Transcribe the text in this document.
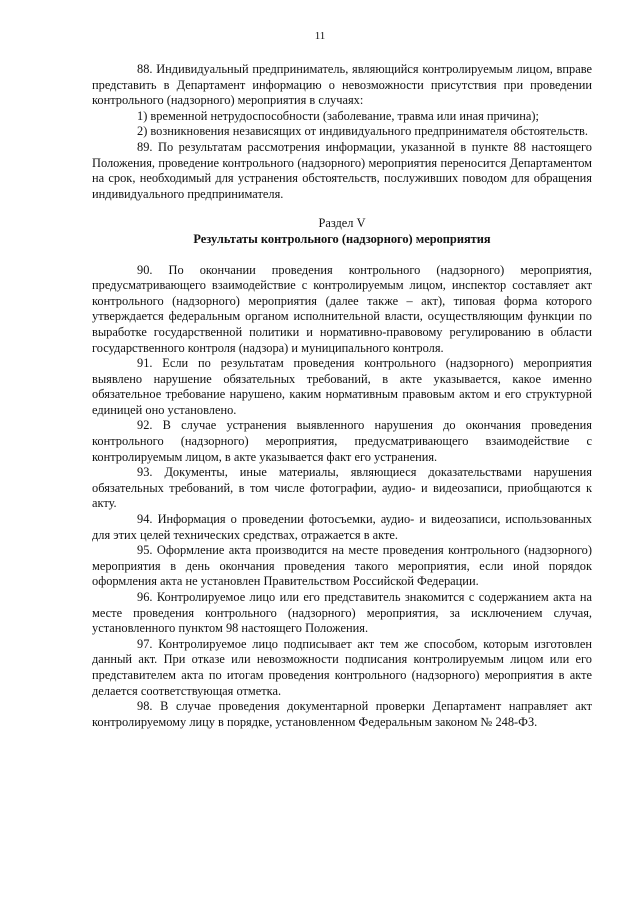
11

88. Индивидуальный предприниматель, являющийся контролируемым лицом, вправе представить в Департамент информацию о невозможности присутствия при проведении контрольного (надзорного) мероприятия в случаях:

1) временной нетрудоспособности (заболевание, травма или иная причина);

2) возникновения независящих от индивидуального предпринимателя обстоятельств.

89. По результатам рассмотрения информации, указанной в пункте 88 настоящего Положения, проведение контрольного (надзорного) мероприятия переносится Департаментом на срок, необходимый для устранения обстоятельств, послуживших поводом для обращения индивидуального предпринимателя.

Раздел V
Результаты контрольного (надзорного) мероприятия

90. По окончании проведения контрольного (надзорного) мероприятия, предусматривающего взаимодействие с контролируемым лицом, инспектор составляет акт контрольного (надзорного) мероприятия (далее также – акт), типовая форма которого утверждается федеральным органом исполнительной власти, осуществляющим функции по выработке государственной политики и нормативно-правовому регулированию в области государственного контроля (надзора) и муниципального контроля.

91. Если по результатам проведения контрольного (надзорного) мероприятия выявлено нарушение обязательных требований, в акте указывается, какое именно обязательное требование нарушено, каким нормативным правовым актом и его структурной единицей оно установлено.

92. В случае устранения выявленного нарушения до окончания проведения контрольного (надзорного) мероприятия, предусматривающего взаимодействие с контролируемым лицом, в акте указывается факт его устранения.

93. Документы, иные материалы, являющиеся доказательствами нарушения обязательных требований, в том числе фотографии, аудио- и видеозаписи, приобщаются к акту.

94. Информация о проведении фотосъемки, аудио- и видеозаписи, использованных для этих целей технических средствах, отражается в акте.

95. Оформление акта производится на месте проведения контрольного (надзорного) мероприятия в день окончания проведения такого мероприятия, если иной порядок оформления акта не установлен Правительством Российской Федерации.

96. Контролируемое лицо или его представитель знакомится с содержанием акта на месте проведения контрольного (надзорного) мероприятия, за исключением случая, установленного пунктом 98 настоящего Положения.

97. Контролируемое лицо подписывает акт тем же способом, которым изготовлен данный акт. При отказе или невозможности подписания контролируемым лицом или его представителем акта по итогам проведения контрольного (надзорного) мероприятия в акте делается соответствующая отметка.

98. В случае проведения документарной проверки Департамент направляет акт контролируемому лицу в порядке, установленном Федеральным законом № 248-ФЗ.
